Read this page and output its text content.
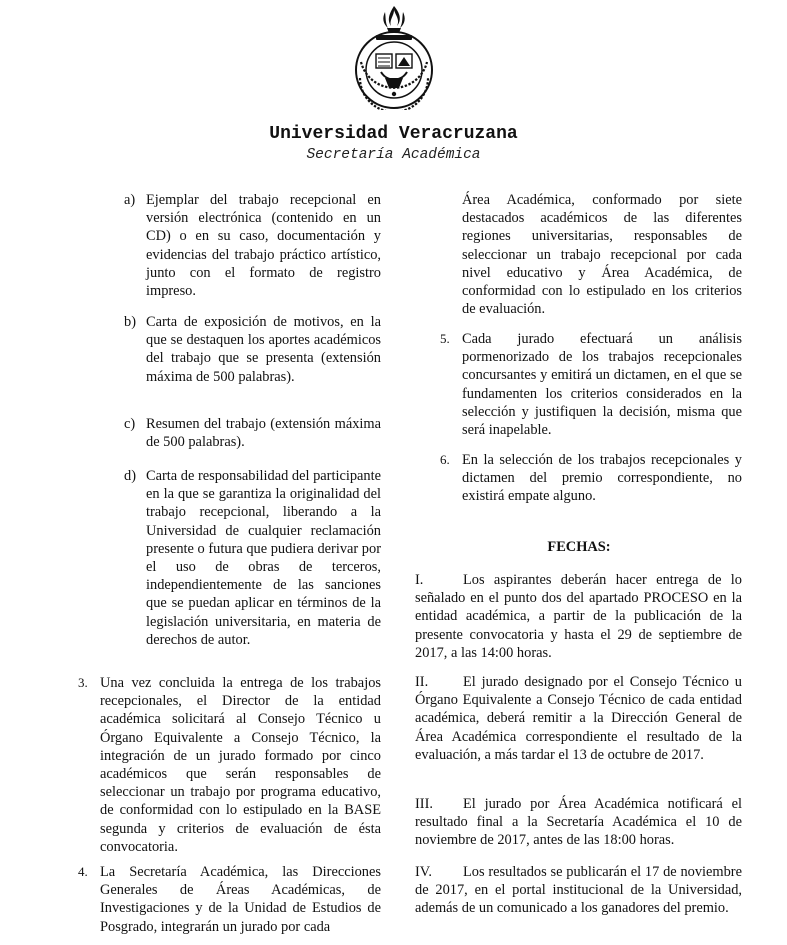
Universidad Veracruzana
Secretaría Académica
a) Ejemplar del trabajo recepcional en versión electrónica (contenido en un CD) o en su caso, documentación y evidencias del trabajo práctico artístico, junto con el formato de registro impreso.
b) Carta de exposición de motivos, en la que se destaquen los aportes académicos del trabajo que se presenta (extensión máxima de 500 palabras).
c) Resumen del trabajo (extensión máxima de 500 palabras).
d) Carta de responsabilidad del participante en la que se garantiza la originalidad del trabajo recepcional, liberando a la Universidad de cualquier reclamación presente o futura que pudiera derivar por el uso de obras de terceros, independientemente de las sanciones que se puedan aplicar en términos de la legislación universitaria, en materia de derechos de autor.
3. Una vez concluida la entrega de los trabajos recepcionales, el Director de la entidad académica solicitará al Consejo Técnico u Órgano Equivalente a Consejo Técnico, la integración de un jurado formado por cinco académicos que serán responsables de seleccionar un trabajo por programa educativo, de conformidad con lo estipulado en la BASE segunda y criterios de evaluación de ésta convocatoria.
4. La Secretaría Académica, las Direcciones Generales de Áreas Académicas, de Investigaciones y de la Unidad de Estudios de Posgrado, integrarán un jurado por cada
Área Académica, conformado por siete destacados académicos de las diferentes regiones universitarias, responsables de seleccionar un trabajo recepcional por cada nivel educativo y Área Académica, de conformidad con lo estipulado en los criterios de evaluación.
5. Cada jurado efectuará un análisis pormenorizado de los trabajos recepcionales concursantes y emitirá un dictamen, en el que se fundamenten los criterios considerados en la selección y justifiquen la decisión, misma que será inapelable.
6. En la selección de los trabajos recepcionales y dictamen del premio correspondiente, no existirá empate alguno.
FECHAS:
I.	Los aspirantes deberán hacer entrega de lo señalado en el punto dos del apartado PROCESO en la entidad académica, a partir de la publicación de la presente convocatoria y hasta el 29 de septiembre de 2017, a las 14:00 horas.
II. El jurado designado por el Consejo Técnico u Órgano Equivalente a Consejo Técnico de cada entidad académica, deberá remitir a la Dirección General de Área Académica correspondiente el resultado de la evaluación, a más tardar el 13 de octubre de 2017.
III. El jurado por Área Académica notificará el resultado final a la Secretaría Académica el 10 de noviembre de 2017, antes de las 18:00 horas.
IV. Los resultados se publicarán el 17 de noviembre de 2017, en el portal institucional de la Universidad, además de un comunicado a los ganadores del premio.
